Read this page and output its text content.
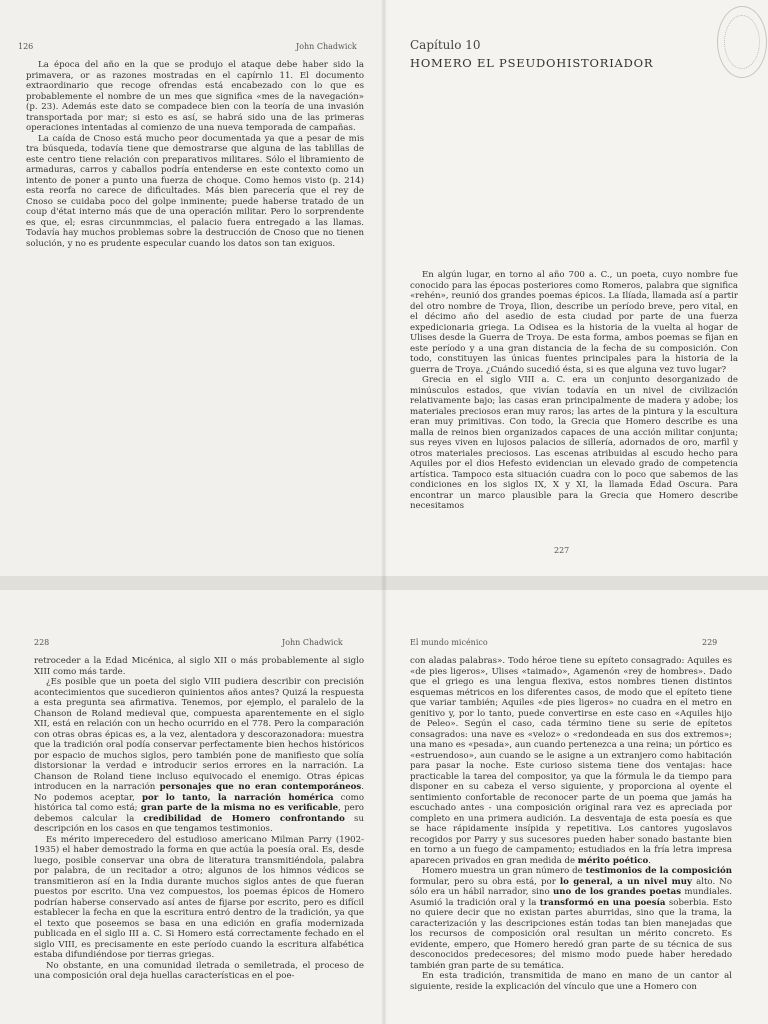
126	John Chadwick

La época del año en la que se produjo el ataque debe haber sido la primavera, or as razones mostradas en el capírnlo 11. El documento extraordinario que recoge ofrendas está encabezado con lo que es probablemente el nombre de un mes que significa «mes de la navegación» (p. 23). Además este dato se compadece bien con la teoría de una invasión transportada por mar; si esto es así, se habrá sido una de las primeras operaciones intentadas al comienzo de una nueva temporada de campañas.

La caída de Cnoso está mucho peor documentada ya que a pesar de mis tra búsqueda, todavía tiene que demostrarse que alguna de las tablillas de este centro tiene relación con preparativos militares. Sólo el libramiento de armaduras, carros y caballos podría entenderse en este contexto como un intento de poner a punto una fuerza de choque. Como hemos visto (p. 214) esta reorfa no carece de dificultades. Más bien parecería que el rey de Cnoso se cuidaba poco del golpe inminente; puede haberse tratado de un coup d'état interno más que de una operación militar. Pero lo sorprendente es que, el; esras circunmmcias, el palacio fuera entregado a las llamas. Todavía hay muchos problemas sobre la destrucción de Cnoso que no tienen solución, y no es prudente especular cuando los datos son tan exiguos.

Capítulo 10
HOMERO EL PSEUDOHISTORIADOR

En algún lugar, en torno al año 700 a. C., un poeta, cuyo nombre fue conocido para las épocas posteriores como Romeros, palabra que significa «rehén», reunió dos grandes poemas épicos. La Ilíada, llamada así a partir del otro nombre de Troya, Ilion, describe un período breve, pero vital, en el décimo año del asedio de esta ciudad por parte de una fuerza expedicionaria griega. La Odisea es la historia de la vuelta al hogar de Ulises desde la Guerra de Troya. De esta forma, ambos poemas se fijan en este período y a una gran distancia de la fecha de su composición. Con todo, constituyen las únicas fuentes principales para la historia de la guerra de Troya. ¿Cuándo sucedió ésta, si es que alguna vez tuvo lugar?

Grecia en el siglo VIII a. C. era un conjunto desorganizado de minúsculos estados, que vivían todavía en un nivel de civilización relativamente bajo; las casas eran principalmente de madera y adobe; los materiales preciosos eran muy raros; las artes de la pintura y la escultura eran muy primitivas. Con todo, la Grecia que Homero describe es una malla de reinos bien organizados capaces de una acción militar conjunta; sus reyes viven en lujosos palacios de sillería, adornados de oro, marfil y otros materiales preciosos. Las escenas atribuidas al escudo hecho para Aquiles por el dios Hefesto evidencian un elevado grado de competencia artística. Tampoco esta situación cuadra con lo poco que sabemos de las condiciones en los siglos IX, X y XI, la llamada Edad Oscura. Para encontrar un marco plausible para la Grecia que Homero describe necesitamos

227
228	John Chadwick

retroceder a la Edad Micénica, al siglo XII o más probablemente al siglo XIII como más tarde.

¿Es posible que un poeta del siglo VIII pudiera describir con precisión acontecimientos que sucedieron quinientos años antes? Quizá la respuesta a esta pregunta sea afirmativa. Tenemos, por ejemplo, el paralelo de la Chanson de Roland medieval que, compuesta aparentemente en el siglo XII, está en relación con un hecho ocurrido en el 778. Pero la comparación con otras obras épicas es, a la vez, alentadora y descorazonadora: muestra que la tradición oral podía conservar perfectamente bien hechos históricos por espacio de muchos siglos, pero también pone de manifiesto que solía distorsionar la verdad e introducir serios errores en la narración. La Chanson de Roland tiene incluso equivocado el enemigo. Otras épicas introducen en la narración personajes que no eran contemporáneos. No podemos aceptar, por lo tanto, la narración homérica como histórica tal como está; gran parte de la misma no es verificable, pero debemos calcular la credibilidad de Homero confrontando su descripción en los casos en que tengamos testimonios.

Es mérito imperecedero del estudioso americano Milman Parry (1902-1935) el haber demostrado la forma en que actúa la poesía oral. Es, desde luego, posible conservar una obra de literatura transmitiéndola, palabra por palabra, de un recitador a otro; algunos de los himnos védicos se transmitieron así en la India durante muchos siglos antes de que fueran puestos por escrito. Una vez compuestos, los poemas épicos de Homero podrían haberse conservado así antes de fijarse por escrito, pero es difícil establecer la fecha en que la escritura entró dentro de la tradición, ya que el texto que poseemos se basa en una edición en grafía modernizada publicada en el siglo III a. C. Si Homero está correctamente fechado en el siglo VIII, es precisamente en este período cuando la escritura alfabética estaba difundiéndose por tierras griegas.

No obstante, en una comunidad iletrada o semiletrada, el proceso de una composición oral deja huellas características en el poe-

El mundo micénico	229

con aladas palabras». Todo héroe tiene su epíteto consagrado: Aquiles es «de pies ligeros», Ulises «taimado», Agamenón «rey de hombres». Dado que el griego es una lengua flexiva, estos nombres tienen distintos esquemas métricos en los diferentes casos, de modo que el epíteto tiene que variar también; Aquiles «de pies ligeros» no cuadra en el metro en genitivo y, por lo tanto, puede convertirse en este caso en «Aquiles hijo de Peleo». Según el caso, cada término tiene su serie de epítetos consagrados: una nave es «veloz» o «redondeada en sus dos extremos»; una mano es «pesada», aun cuando pertenezca a una reina; un pórtico es «estruendoso», aun cuando se le asigne a un extranjero como habitación para pasar la noche. Este curioso sistema tiene dos ventajas: hace practicable la tarea del compositor, ya que la fórmula le da tiempo para disponer en su cabeza el verso siguiente, y proporciona al oyente el sentimiento confortable de reconocer parte de un poema que jamás ha escuchado antes - una composición original rara vez es apreciada por completo en una primera audición. La desventaja de esta poesía es que se hace rápidamente insípida y repetitiva. Los cantores yugoslavos recogidos por Parry y sus sucesores pueden haber sonado bastante bien en torno a un fuego de campamento; estudiados en la fría letra impresa aparecen privados en gran medida de mérito poético.

Homero muestra un gran número de testimonios de la composición formular, pero su obra está, por lo general, a un nivel muy alto. No sólo era un hábil narrador, sino uno de los grandes poetas mundiales. Asumió la tradición oral y la transformó en una poesía soberbia. Esto no quiere decir que no existan partes aburridas, sino que la trama, la caracterización y las descripciones están todas tan bien manejadas que los recursos de composición oral resultan un mérito concreto. Es evidente, empero, que Homero heredó gran parte de su técnica de sus desconocidos predecesores; del mismo modo puede haber heredado también gran parte de su temática.

En esta tradición, transmitida de mano en mano de un cantor al siguiente, reside la explicación del vínculo que une a Homero con
